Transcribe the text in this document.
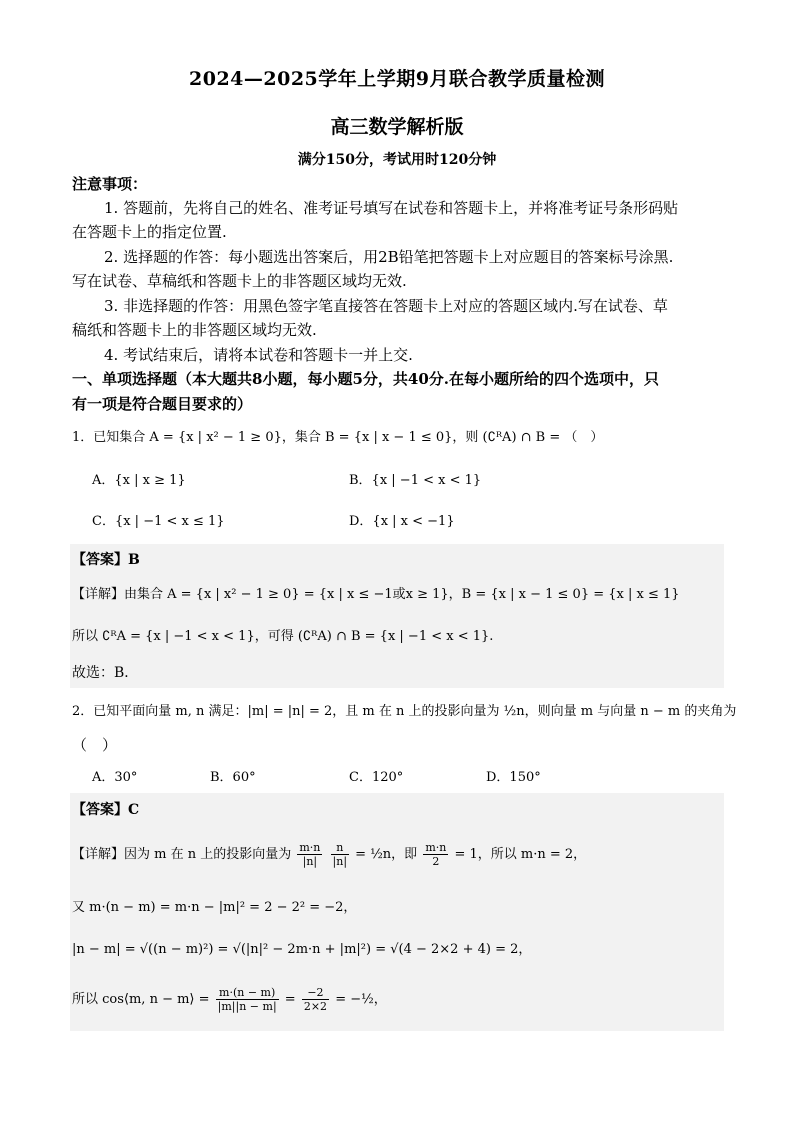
2024—2025学年上学期9月联合教学质量检测
高三数学解析版
满分150分，考试用时120分钟
注意事项：
1. 答题前，先将自己的姓名、准考证号填写在试卷和答题卡上，并将准考证号条形码贴
在答题卡上的指定位置.
2. 选择题的作答：每小题选出答案后，用2B铅笔把答题卡上对应题目的答案标号涂黑.
写在试卷、草稿纸和答题卡上的非答题区域均无效.
3. 非选择题的作答：用黑色签字笔直接答在答题卡上对应的答题区域内.写在试卷、草
稿纸和答题卡上的非答题区域均无效.
4. 考试结束后，请将本试卷和答题卡一并上交.
一、单项选择题（本大题共8小题，每小题5分，共40分.在每小题所给的四个选项中，只
有一项是符合题目要求的）
1．已知集合 A = {x | x² − 1 ≥ 0}，集合 B = {x | x − 1 ≤ 0}，则 (∁ᴿA) ∩ B = （　）
A．{x | x ≥ 1}	B．{x | −1 < x < 1}
C．{x | −1 < x ≤ 1}	D．{x | x < −1}
【答案】B
【详解】由集合 A = {x | x² − 1 ≥ 0} = {x | x ≤ −1或x ≥ 1}，B = {x | x − 1 ≤ 0} = {x | x ≤ 1}
所以 ∁ᴿA = {x | −1 < x < 1}，可得 (∁ᴿA) ∩ B = {x | −1 < x < 1}.
故选：B．
2．已知平面向量 m, n 满足：|m| = |n| = 2，且 m 在 n 上的投影向量为 ½n，则向量 m 与向量 n − m 的夹角为
（　）
A．30°	B．60°	C．120°	D．150°
【答案】C
【详解】因为 m 在 n 上的投影向量为 $\frac{m\cdot n}{|n|}$
$\frac{n}{|n|}$ = ½n，即 $\frac{m\cdot n}{2} = 1$，所以 m·n = 2，
又 m·(n − m) = m·n − |m|² = 2 − 2² = −2，
|n − m| = √((n − m)²) = √(|n|² − 2m·n + |m|²) = √(4 − 2×2 + 4) = 2，
所以 cos⟨m, n − m⟩ = $\frac{m\cdot(n - m)}{|m||n - m|} = \frac{-2}{2\times 2}$ = −½，
